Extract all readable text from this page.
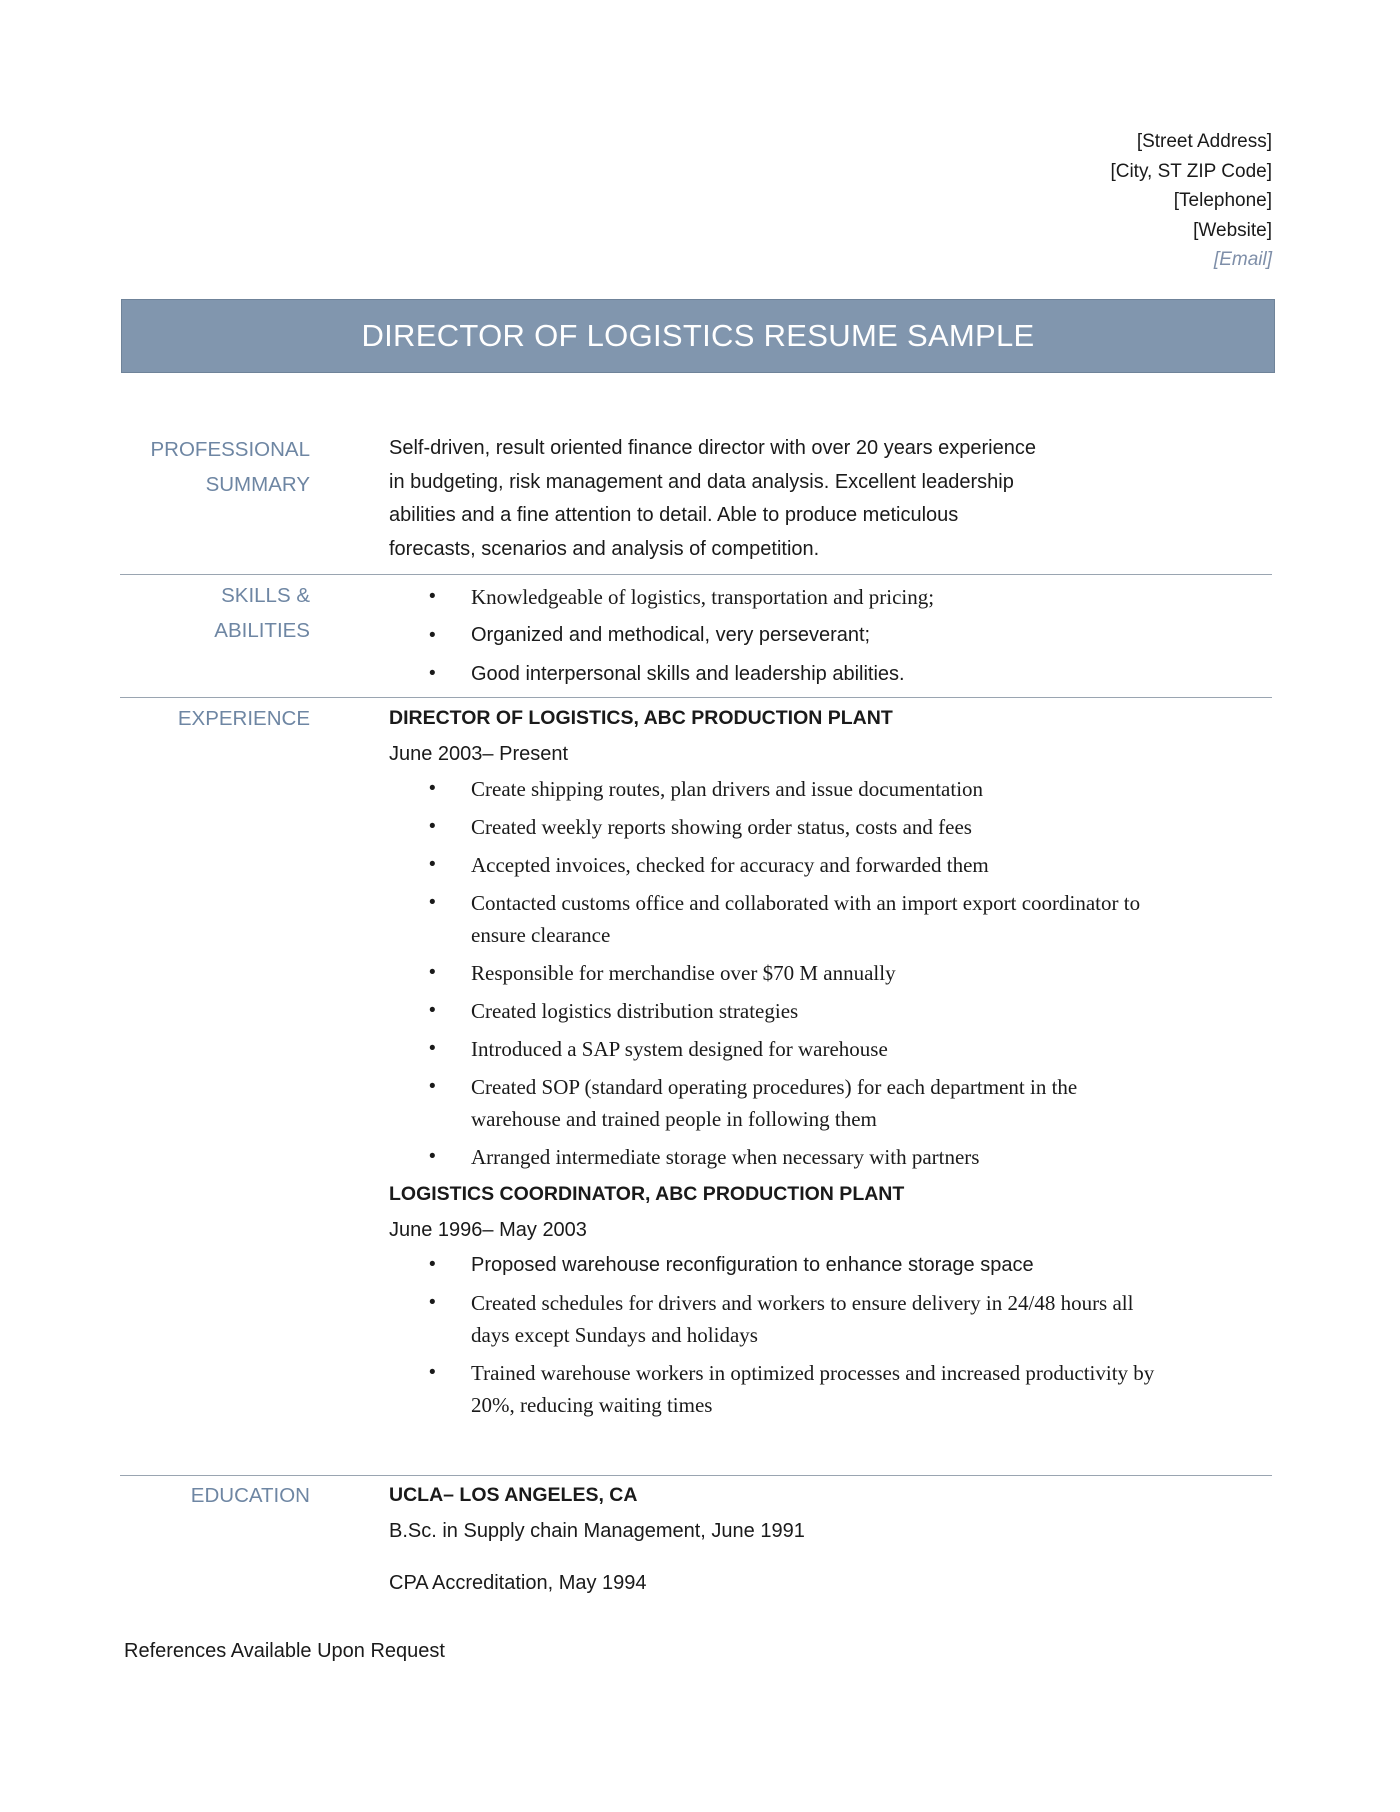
[Street Address]
[City, ST ZIP Code]
[Telephone]
[Website]
[Email]
DIRECTOR OF LOGISTICS RESUME SAMPLE
PROFESSIONAL
SUMMARY
Self-driven, result oriented finance director with over 20 years experience
in budgeting, risk management and data analysis. Excellent leadership
abilities and a fine attention to detail. Able to produce meticulous
forecasts, scenarios and analysis of competition.
SKILLS & ABILITIES
• Knowledgeable of logistics, transportation and pricing;
• Organized and methodical, very perseverant;
• Good interpersonal skills and leadership abilities.
EXPERIENCE	DIRECTOR OF LOGISTICS, ABC PRODUCTION PLANT
June 2003– Present
• Create shipping routes, plan drivers and issue documentation
• Created weekly reports showing order status, costs and fees
• Accepted invoices, checked for accuracy and forwarded them
• Contacted customs office and collaborated with an import export coordinator to ensure clearance
• Responsible for merchandise over $70 M annually
• Created logistics distribution strategies
• Introduced a SAP system designed for warehouse
• Created SOP (standard operating procedures) for each department in the warehouse and trained people in following them
• Arranged intermediate storage when necessary with partners
LOGISTICS COORDINATOR, ABC PRODUCTION PLANT
June 1996– May 2003
• Proposed warehouse reconfiguration to enhance storage space
• Created schedules for drivers and workers to ensure delivery in 24/48 hours all days except Sundays and holidays
• Trained warehouse workers in optimized processes and increased productivity by 20%, reducing waiting times
EDUCATION	UCLA– LOS ANGELES, CA
B.Sc. in Supply chain Management, June 1991
CPA Accreditation, May 1994
References Available Upon Request
